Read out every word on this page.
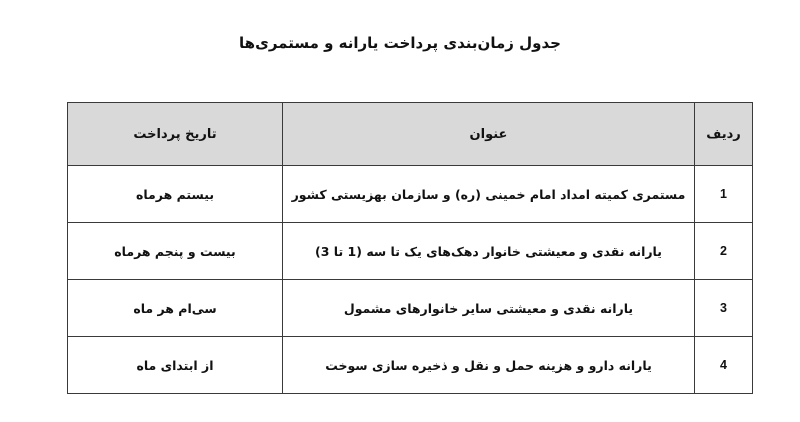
جدول زمان‌بندی پرداخت یارانه و مستمری‌ها
ردیف	عنوان	تاریخ پرداخت
1	مستمری کمیته امداد امام خمینی (ره) و سازمان بهزیستی کشور	بیستم هرماه
2	یارانه نقدی و معیشتی خانوار دهک‌های یک تا سه (1 تا 3)	بیست و پنجم هرماه
3	یارانه نقدی و معیشتی سایر خانوارهای مشمول	سی‌ام هر ماه
4	یارانه دارو و هزینه حمل و نقل و ذخیره سازی سوخت	از ابتدای ماه
